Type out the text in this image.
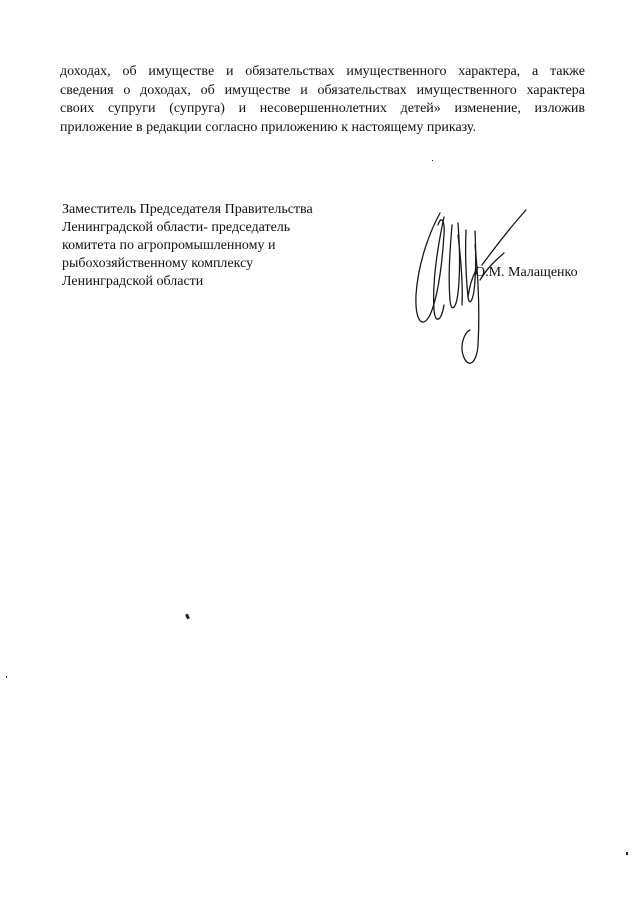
доходах, об имуществе и обязательствах имущественного характера, а также
сведения о доходах, об имуществе и обязательствах имущественного характера
своих супруги (супруга) и несовершеннолетних детей» изменение, изложив
приложение в редакции согласно приложению к настоящему приказу.

Заместитель Председателя Правительства
Ленинградской области- председатель
комитета по агропромышленному и
рыбохозяйственному комплексу
Ленинградской области
О.М. Малащенко
